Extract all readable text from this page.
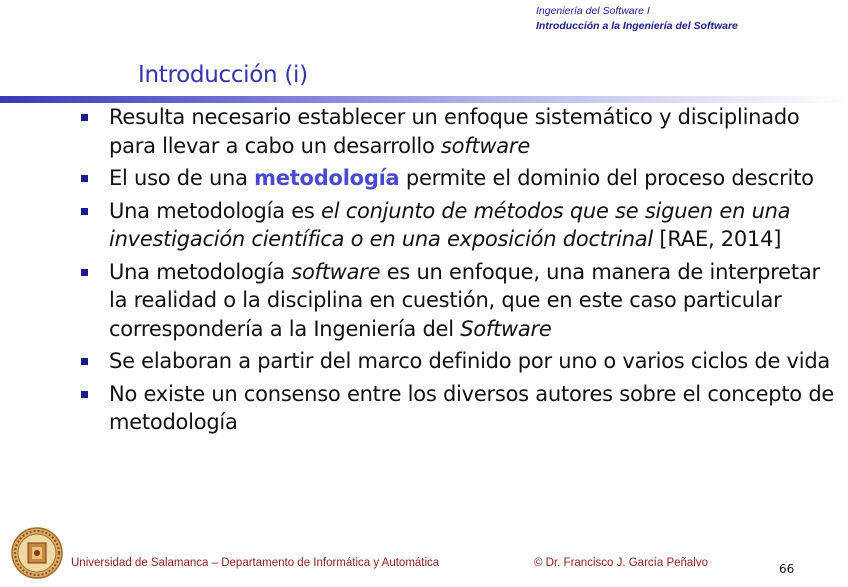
Ingeniería del Software I
Introducción a la Ingeniería del Software
Introducción (i)
Resulta necesario establecer un enfoque sistemático y disciplinado para llevar a cabo un desarrollo software
El uso de una metodología permite el dominio del proceso descrito
Una metodología es el conjunto de métodos que se siguen en una investigación científica o en una exposición doctrinal [RAE, 2014]
Una metodología software es un enfoque, una manera de interpretar la realidad o la disciplina en cuestión, que en este caso particular correspondería a la Ingeniería del Software
Se elaboran a partir del marco definido por uno o varios ciclos de vida
No existe un consenso entre los diversos autores sobre el concepto de metodología
Universidad de Salamanca – Departamento de Informática y Automática	© Dr. Francisco J. García Peñalvo	66
